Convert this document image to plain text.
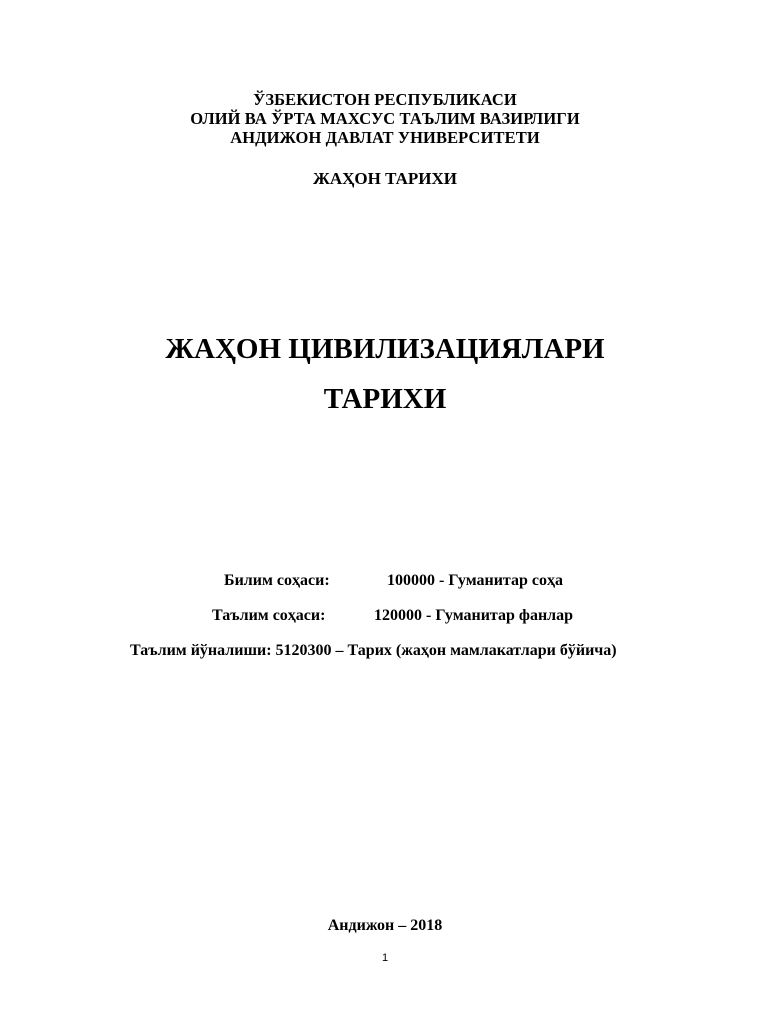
ЎЗБЕКИСТОН РЕСПУБЛИКАСИ
ОЛИЙ ВА ЎРТА МАХСУС ТАЪЛИМ ВАЗИРЛИГИ
АНДИЖОН ДАВЛАТ УНИВЕРСИТЕТИ
ЖАҲОН ТАРИХИ
ЖАҲОН ЦИВИЛИЗАЦИЯЛАРИ
ТАРИХИ
Билим соҳаси:	100000 - Гуманитар соҳа
Таълим соҳаси:	120000 - Гуманитар фанлар
Таълим йўналиши: 5120300 – Тарих (жаҳон мамлакатлари бўйича)
Андижон – 2018
1
